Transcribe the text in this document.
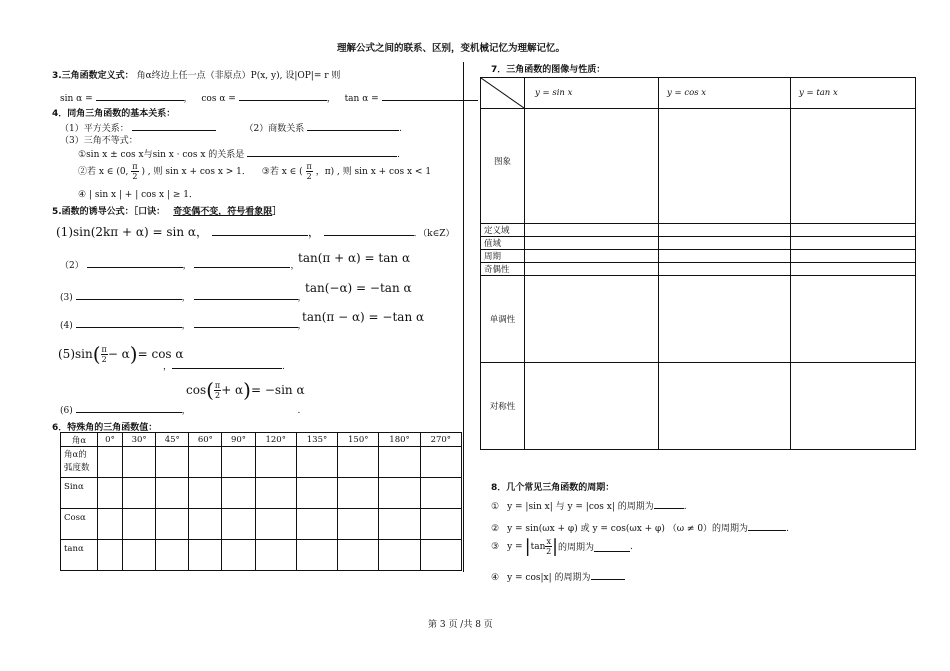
理解公式之间的联系、区别，变机械记忆为理解记忆。
3.三角函数定义式： 角α终边上任一点（非原点）P(x, y), 设|OP|= r 则
sin α =	， cos α =	， tan α =
4．同角三角函数的基本关系：
（1）平方关系：	（2）商数关系	.
（3）三角不等式：
①sin x ± cos x与sin x · cos x 的关系是	.
②若 x ∈ (0, $\frac{\pi}{2}$ ) , 则 sin x + cos x > 1． ③若 x ∈ ( $\frac{\pi}{2}$ ，π) , 则 sin x + cos x < 1
④ | sin x | + | cos x | ≥ 1．
5.函数的诱导公式：［口诀： 奇变偶不变，符号看象限］
(1)sin(2kπ + α) = sin α，	，	．（k∈Z）
（2）	，	，
tan(π + α) = tan α
(3)	，	，
tan(−α) = −tan α
(4)	，	，
tan(π − α) = −tan α
(5)sin ( $\frac{\pi}{2} - \alpha$ ) = cos α
，	.
cos ( $\frac{\pi}{2} + \alpha$ ) = −sin α
(6)	，	.
6．特殊角的三角函数值：
角α	0°	30°	45°	60°	90°	120°	135°	150°	180°	270°
角α的
弧度数										
Sinα										
Cosα										
tanα										
7．三角函数的图像与性质：
	y = sin x	y = cos x	y = tan x
图象			
定义域			
值域			
周期			
奇偶性			
单调性			
对称性			
8．几个常见三角函数的周期：
① y = |sin x| 与 y = |cos x| 的周期为	.
② y = sin(ωx + φ) 或 y = cos(ωx + φ) （ω ≠ 0）的周期为	.
③ y = | $\tan \frac{x}{2}$ | 的周期为	.
④ y = cos|x| 的周期为
第 3 页 /共 8 页
